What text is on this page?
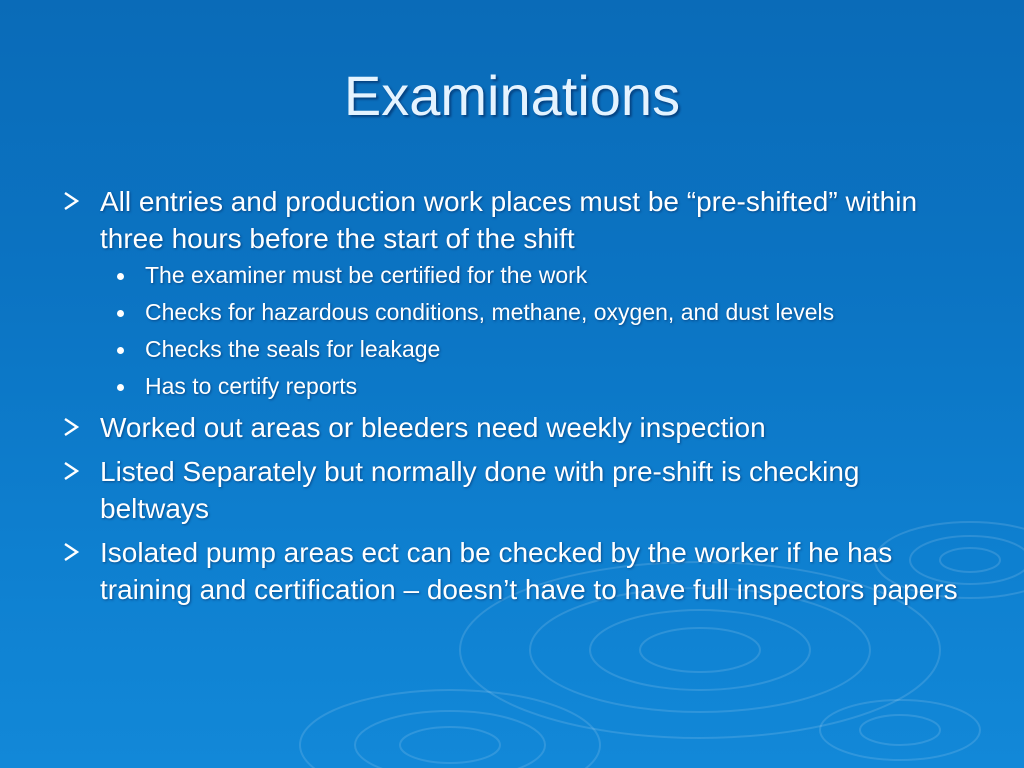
Examinations
All entries and production work places must be “pre-shifted” within three hours before the start of the shift
The examiner must be certified for the work
Checks for hazardous conditions, methane, oxygen, and dust levels
Checks the seals for leakage
Has to certify reports
Worked out areas or bleeders need weekly inspection
Listed Separately but normally done with pre-shift is checking beltways
Isolated pump areas ect can be checked by the worker if he has training and certification – doesn’t have to have full inspectors papers
